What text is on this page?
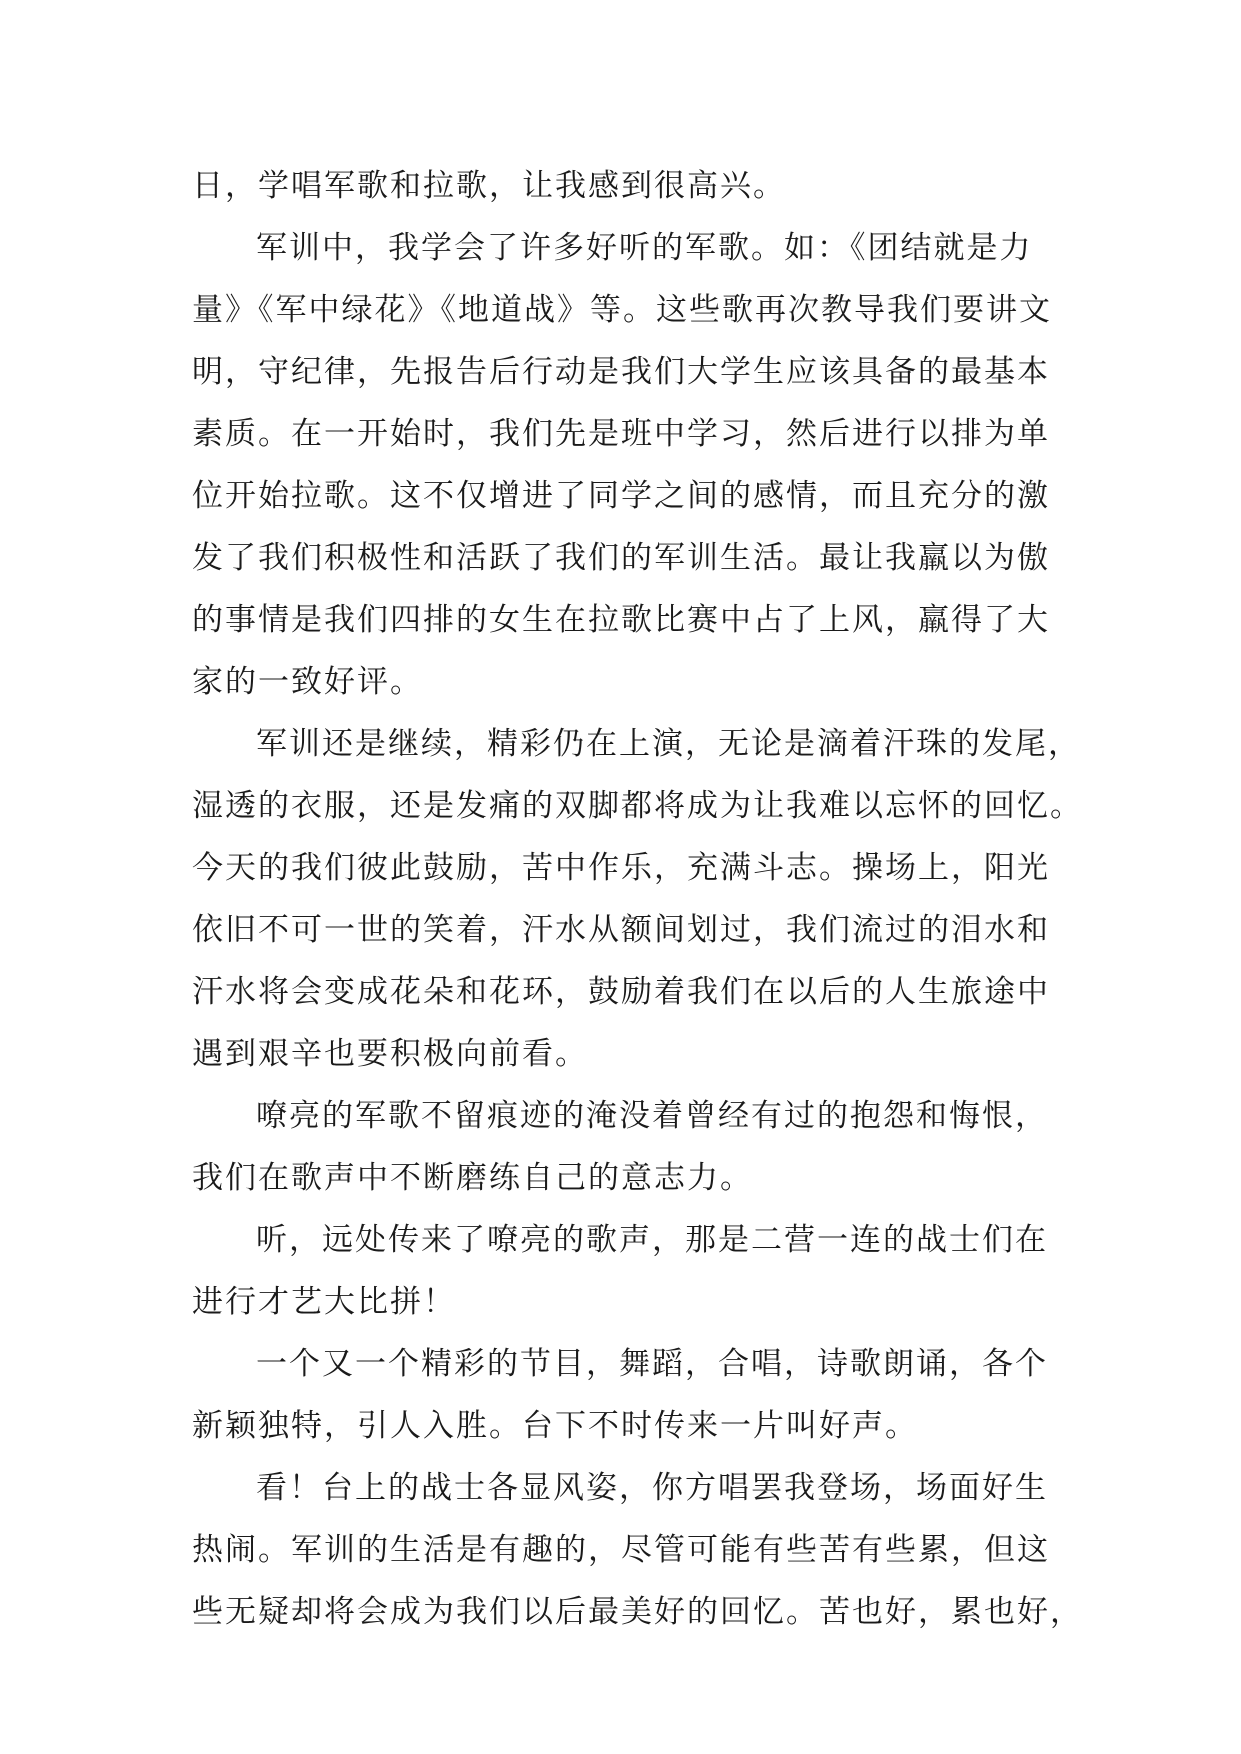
日，学唱军歌和拉歌，让我感到很高兴。
军训中，我学会了许多好听的军歌。如：《团结就是力
量》《军中绿花》《地道战》等。这些歌再次教导我们要讲文
明，守纪律，先报告后行动是我们大学生应该具备的最基本
素质。在一开始时，我们先是班中学习，然后进行以排为单
位开始拉歌。这不仅增进了同学之间的感情，而且充分的激
发了我们积极性和活跃了我们的军训生活。最让我羸以为傲
的事情是我们四排的女生在拉歌比赛中占了上风，羸得了大
家的一致好评。
军训还是继续，精彩仍在上演，无论是滴着汗珠的发尾，
湿透的衣服，还是发痛的双脚都将成为让我难以忘怀的回忆。
今天的我们彼此鼓励，苦中作乐，充满斗志。操场上，阳光
依旧不可一世的笑着，汗水从额间划过，我们流过的泪水和
汗水将会变成花朵和花环，鼓励着我们在以后的人生旅途中
遇到艰辛也要积极向前看。
嘹亮的军歌不留痕迹的淹没着曾经有过的抱怨和悔恨，
我们在歌声中不断磨练自己的意志力。
听，远处传来了嘹亮的歌声，那是二营一连的战士们在
进行才艺大比拼！
一个又一个精彩的节目，舞蹈，合唱，诗歌朗诵，各个
新颖独特，引人入胜。台下不时传来一片叫好声。
看！台上的战士各显风姿，你方唱罢我登场，场面好生
热闹。军训的生活是有趣的，尽管可能有些苦有些累，但这
些无疑却将会成为我们以后最美好的回忆。苦也好，累也好，
